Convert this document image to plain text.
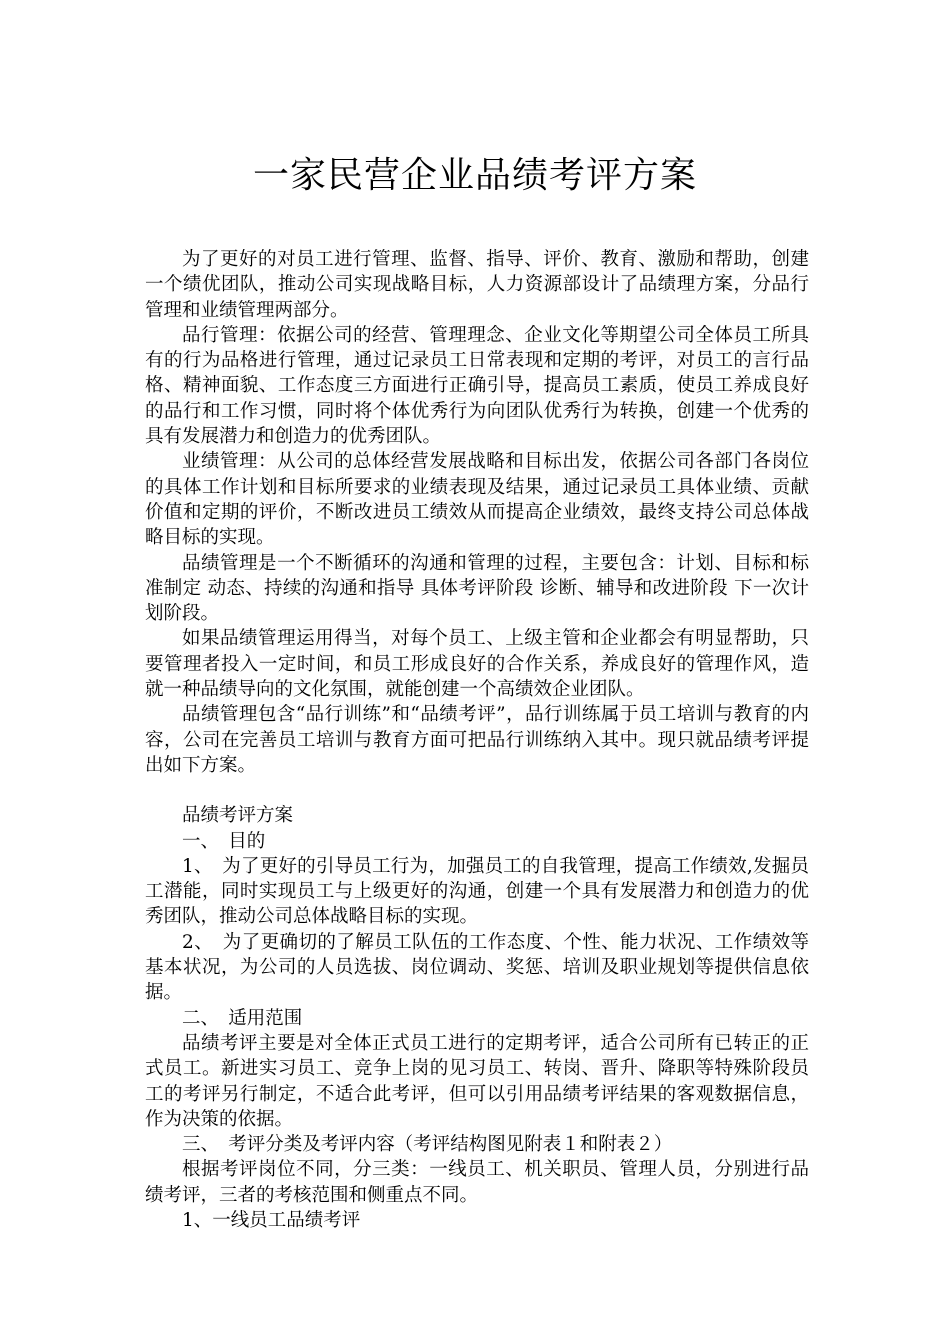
一家民营企业品绩考评方案

为了更好的对员工进行管理、监督、指导、评价、教育、激励和帮助，创建一个绩优团队，推动公司实现战略目标，人力资源部设计了品绩理方案，分品行管理和业绩管理两部分。

品行管理：依据公司的经营、管理理念、企业文化等期望公司全体员工所具有的行为品格进行管理，通过记录员工日常表现和定期的考评，对员工的言行品格、精神面貌、工作态度三方面进行正确引导，提高员工素质，使员工养成良好的品行和工作习惯，同时将个体优秀行为向团队优秀行为转换，创建一个优秀的具有发展潜力和创造力的优秀团队。

业绩管理：从公司的总体经营发展战略和目标出发，依据公司各部门各岗位的具体工作计划和目标所要求的业绩表现及结果，通过记录员工具体业绩、贡献价值和定期的评价，不断改进员工绩效从而提高企业绩效，最终支持公司总体战略目标的实现。

品绩管理是一个不断循环的沟通和管理的过程，主要包含：计划、目标和标准制定 动态、持续的沟通和指导 具体考评阶段 诊断、辅导和改进阶段 下一次计划阶段。

如果品绩管理运用得当，对每个员工、上级主管和企业都会有明显帮助，只要管理者投入一定时间，和员工形成良好的合作关系，养成良好的管理作风，造就一种品绩导向的文化氛围，就能创建一个高绩效企业团队。

品绩管理包含“品行训练”和“品绩考评”，品行训练属于员工培训与教育的内容，公司在完善员工培训与教育方面可把品行训练纳入其中。现只就品绩考评提出如下方案。

品绩考评方案

一、　目的

1、　为了更好的引导员工行为，加强员工的自我管理，提高工作绩效,发掘员工潜能，同时实现员工与上级更好的沟通，创建一个具有发展潜力和创造力的优秀团队，推动公司总体战略目标的实现。

2、　为了更确切的了解员工队伍的工作态度、个性、能力状况、工作绩效等基本状况，为公司的人员选拔、岗位调动、奖惩、培训及职业规划等提供信息依据。

二、　适用范围

品绩考评主要是对全体正式员工进行的定期考评，适合公司所有已转正的正式员工。新进实习员工、竞争上岗的见习员工、转岗、晋升、降职等特殊阶段员工的考评另行制定，不适合此考评，但可以引用品绩考评结果的客观数据信息，作为决策的依据。

三、　考评分类及考评内容（考评结构图见附表１和附表２）

根据考评岗位不同，分三类：一线员工、机关职员、管理人员，分别进行品绩考评，三者的考核范围和侧重点不同。

1、一线员工品绩考评
